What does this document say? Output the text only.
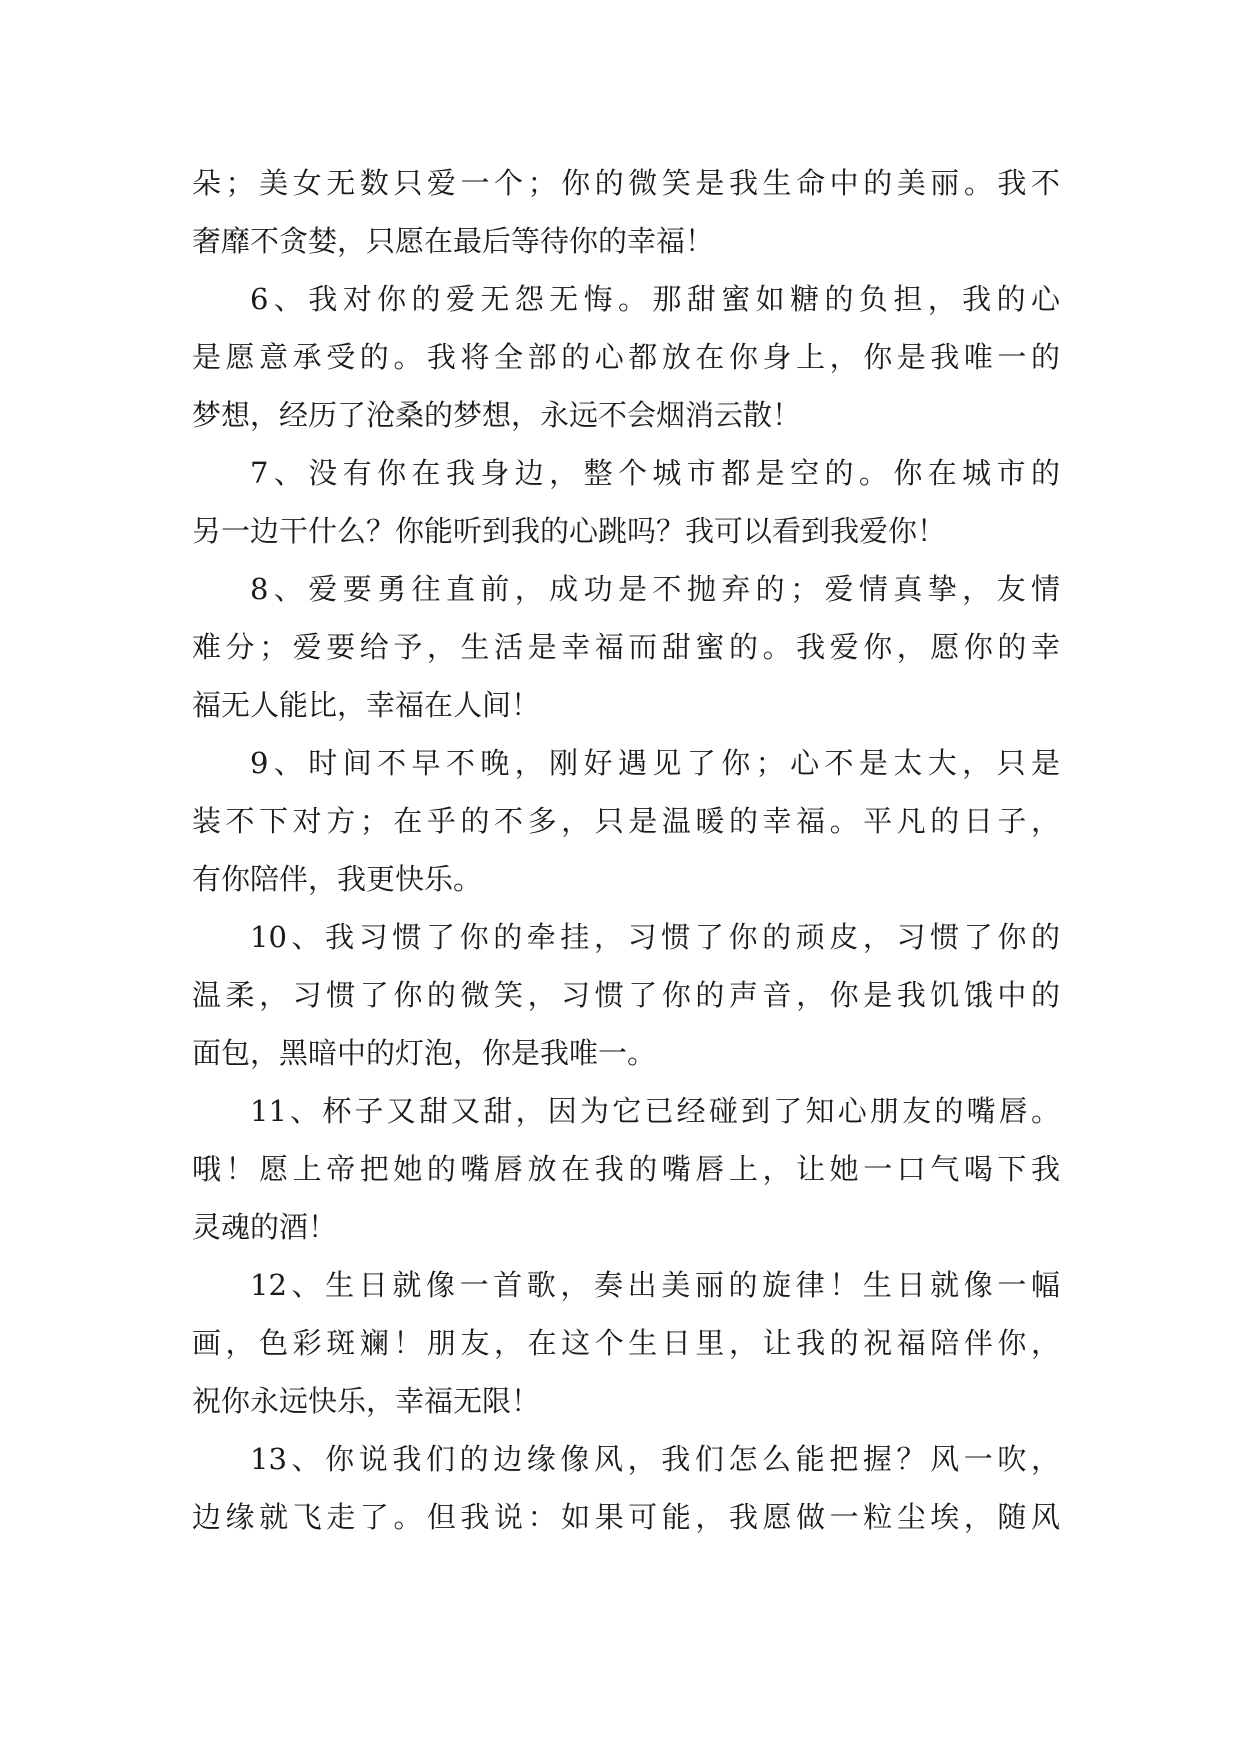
朵；美女无数只爱一个；你的微笑是我生命中的美丽。我不
奢靡不贪婪，只愿在最后等待你的幸福！
6、我对你的爱无怨无悔。那甜蜜如糖的负担，我的心
是愿意承受的。我将全部的心都放在你身上，你是我唯一的
梦想，经历了沧桑的梦想，永远不会烟消云散！
7、没有你在我身边，整个城市都是空的。你在城市的
另一边干什么？你能听到我的心跳吗？我可以看到我爱你！
8、爱要勇往直前，成功是不抛弃的；爱情真挚，友情
难分；爱要给予，生活是幸福而甜蜜的。我爱你，愿你的幸
福无人能比，幸福在人间！
9、时间不早不晚，刚好遇见了你；心不是太大，只是
装不下对方；在乎的不多，只是温暖的幸福。平凡的日子，
有你陪伴，我更快乐。
10、我习惯了你的牵挂，习惯了你的顽皮，习惯了你的
温柔，习惯了你的微笑，习惯了你的声音，你是我饥饿中的
面包，黑暗中的灯泡，你是我唯一。
11、杯子又甜又甜，因为它已经碰到了知心朋友的嘴唇。
哦！愿上帝把她的嘴唇放在我的嘴唇上，让她一口气喝下我
灵魂的酒！
12、生日就像一首歌，奏出美丽的旋律！生日就像一幅
画，色彩斑斓！朋友，在这个生日里，让我的祝福陪伴你，
祝你永远快乐，幸福无限！
13、你说我们的边缘像风，我们怎么能把握？风一吹，
边缘就飞走了。但我说：如果可能，我愿做一粒尘埃，随风
